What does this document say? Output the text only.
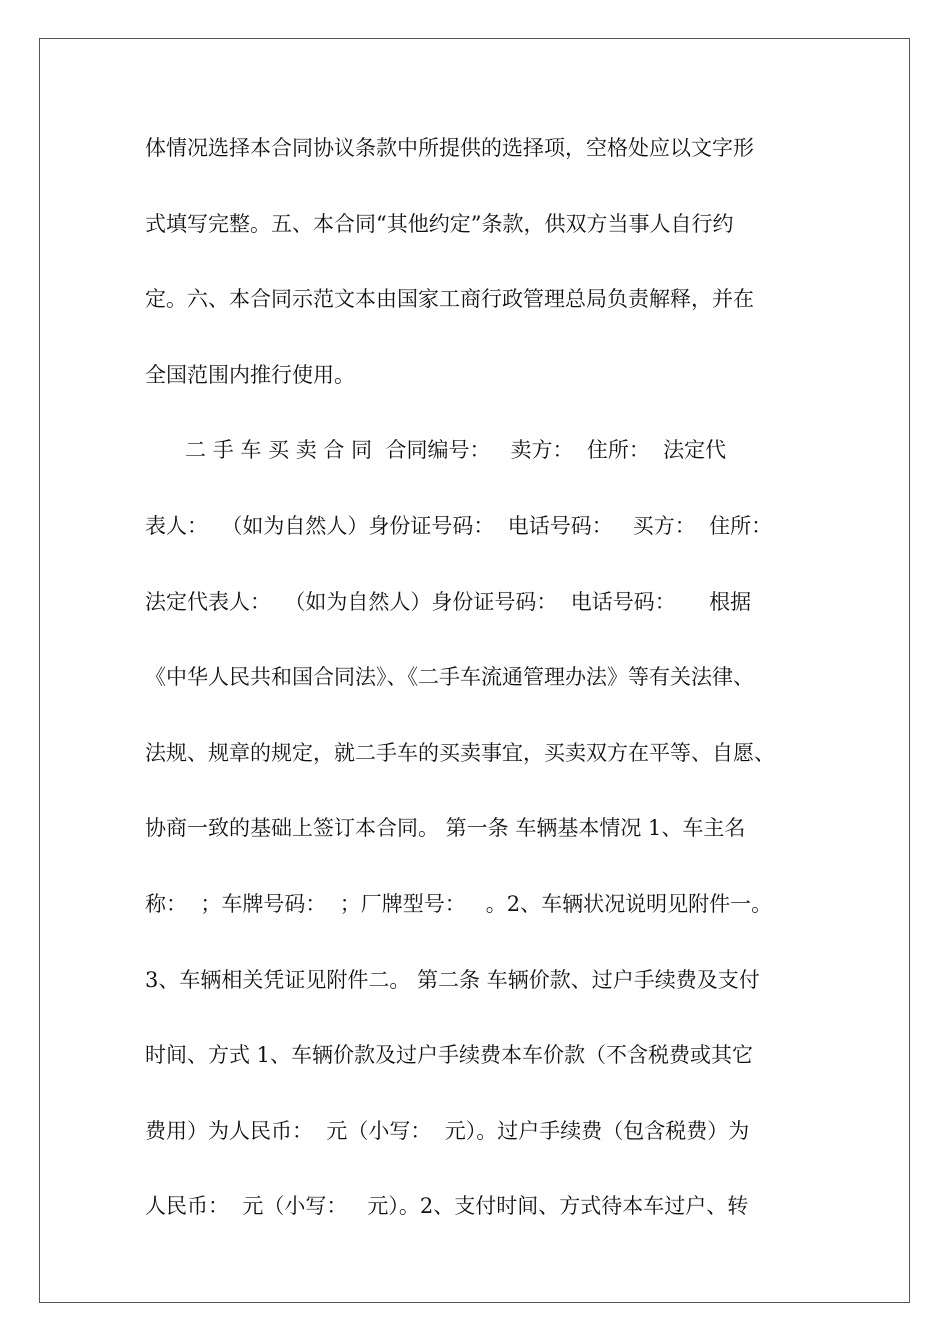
体情况选择本合同协议条款中所提供的选择项，空格处应以文字形
式填写完整。五、本合同“其他约定”条款，供双方当事人自行约
定。六、本合同示范文本由国家工商行政管理总局负责解释，并在
全国范围内推行使用。
二 手 车 买 卖 合 同  合同编号：   卖方：  住所：  法定代
表人：  （如为自然人）身份证号码：  电话号码：   买方：  住所：
法定代表人：  （如为自然人）身份证号码：  电话号码：     根据
《中华人民共和国合同法》、《二手车流通管理办法》等有关法律、
法规、规章的规定，就二手车的买卖事宜，买卖双方在平等、自愿、
协商一致的基础上签订本合同。 第一条 车辆基本情况 1、车主名
称：  ；车牌号码：  ；厂牌型号：   。2、车辆状况说明见附件一。
3、车辆相关凭证见附件二。 第二条 车辆价款、过户手续费及支付
时间、方式 1、车辆价款及过户手续费本车价款（不含税费或其它
费用）为人民币：  元（小写：  元）。过户手续费（包含税费）为
人民币：  元（小写：   元）。2、支付时间、方式待本车过户、转
